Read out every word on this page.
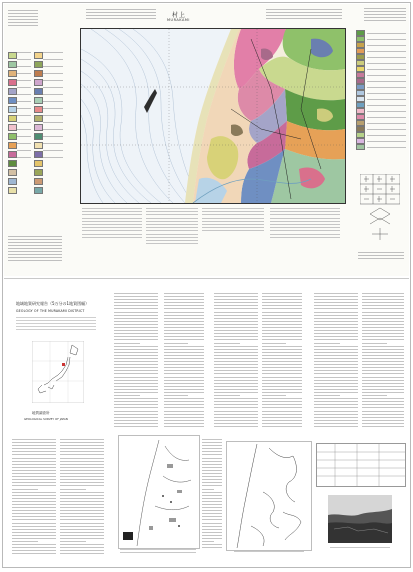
村上
MURAKAMI
地域地質研究報告（5万分の1地質図幅）
GEOLOGY OF THE MURAKAMI DISTRICT
地質調査所
GEOLOGICAL SURVEY OF JAPAN
